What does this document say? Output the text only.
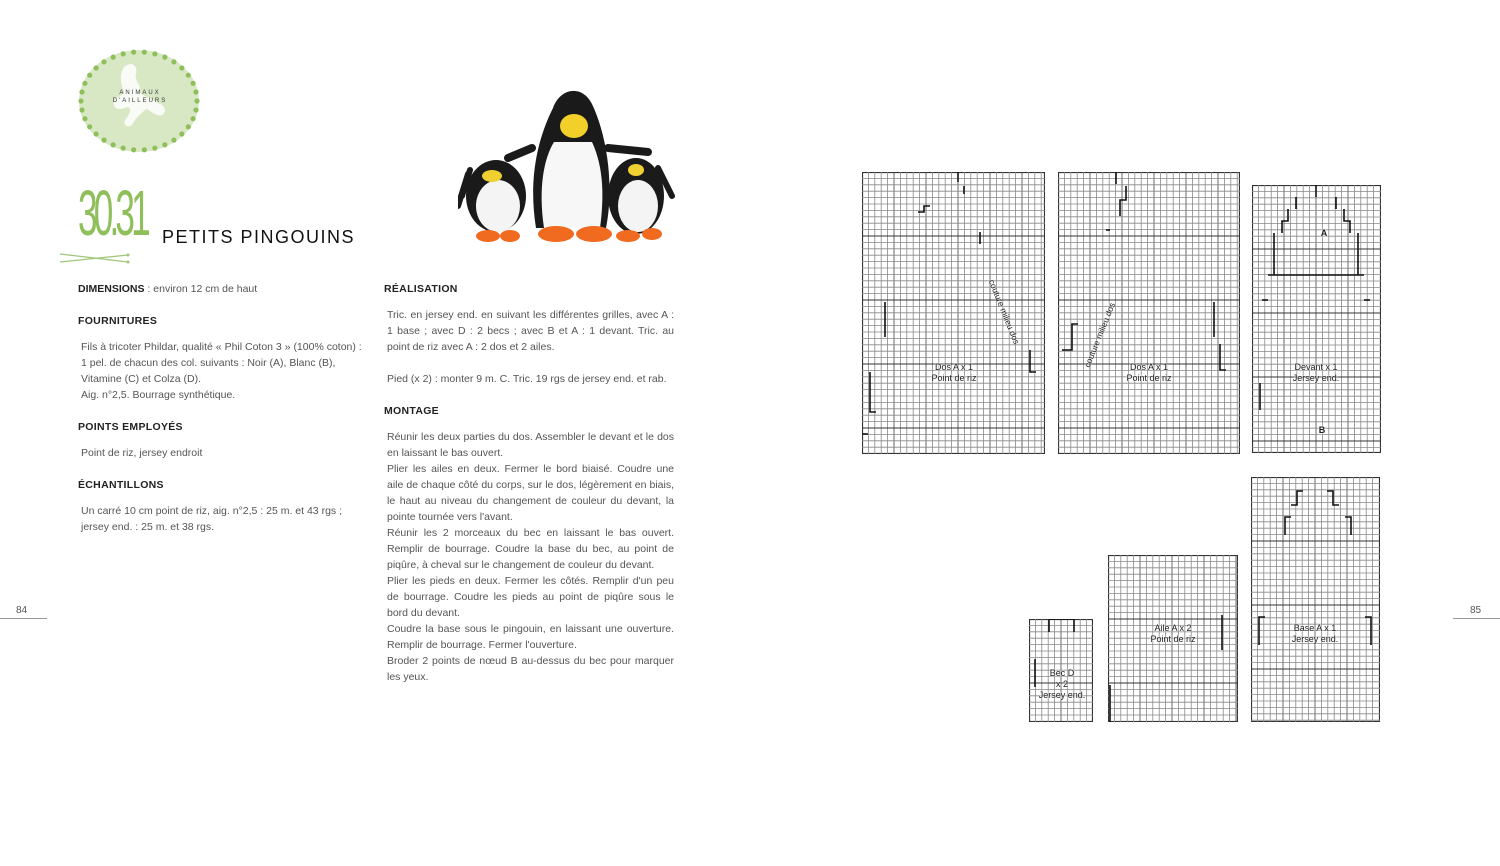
ANIMAUX
D'AILLEURS
30.31 PETITS PINGOUINS

DIMENSIONS : environ 12 cm de haut

FOURNITURES

Fils à tricoter Phildar, qualité « Phil Coton 3 » (100% coton) : 1 pel. de chacun des col. suivants : Noir (A), Blanc (B), Vitamine (C) et Colza (D).

Aig. n°2,5. Bourrage synthétique.

POINTS EMPLOYÉS

Point de riz, jersey endroit

ÉCHANTILLONS

Un carré 10 cm point de riz, aig. n°2,5 : 25 m. et 43 rgs ; jersey end. : 25 m. et 38 rgs.

RÉALISATION

Tric. en jersey end. en suivant les différentes grilles, avec A : 1 base ; avec D : 2 becs ; avec B et A : 1 devant. Tric. au point de riz avec A : 2 dos et 2 ailes.

Pied (x 2) : monter 9 m. C. Tric. 19 rgs de jersey end. et rab.

MONTAGE

Réunir les deux parties du dos. Assembler le devant et le dos en laissant le bas ouvert.

Plier les ailes en deux. Fermer le bord biaisé. Coudre une aile de chaque côté du corps, sur le dos, légèrement en biais, le haut au niveau du changement de couleur du devant, la pointe tournée vers l'avant.

Réunir les 2 morceaux du bec en laissant le bas ouvert. Remplir de bourrage. Coudre la base du bec, au point de piqûre, à cheval sur le changement de couleur du devant.

Plier les pieds en deux. Fermer les côtés. Remplir d'un peu de bourrage. Coudre les pieds au point de piqûre sous le bord du devant.

Coudre la base sous le pingouin, en laissant une ouverture. Remplir de bourrage. Fermer l'ouverture.

Broder 2 points de nœud B au-dessus du bec pour marquer les yeux.

84	85
Dos A x 1
Point de riz
couture milieu dos
Dos A x 1
Point de riz
couture milieu dos	Devant x 1
Jersey end.
A
B
Bec D
x 2
Jersey end.
Aile A x 2
Point de riz
Base A x 1
Jersey end.
